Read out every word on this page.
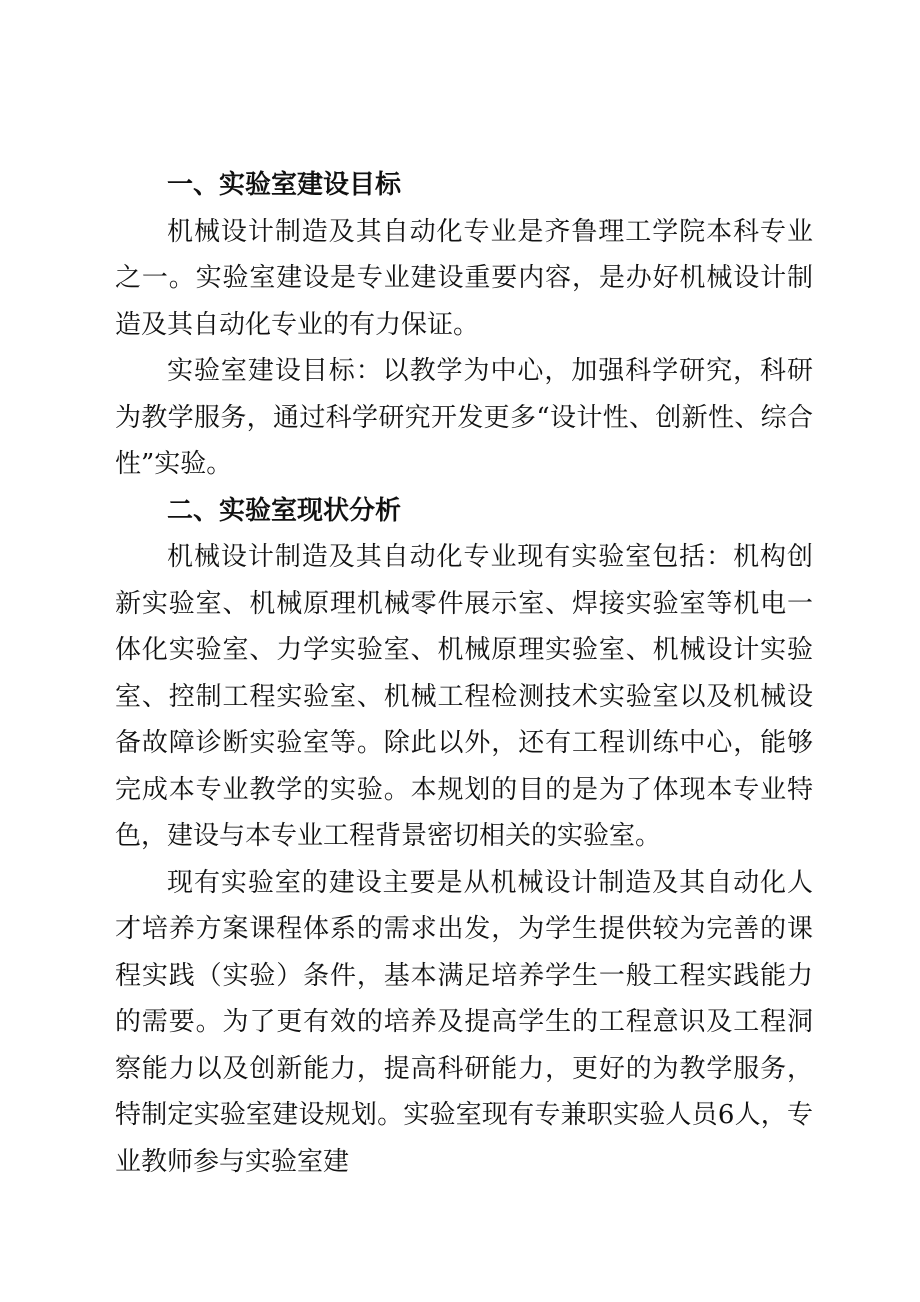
一、实验室建设目标

机械设计制造及其自动化专业是齐鲁理工学院本科专业之一。实验室建设是专业建设重要内容，是办好机械设计制造及其自动化专业的有力保证。

实验室建设目标：以教学为中心，加强科学研究，科研为教学服务，通过科学研究开发更多“设计性、创新性、综合性”实验。

二、实验室现状分析

机械设计制造及其自动化专业现有实验室包括：机构创新实验室、机械原理机械零件展示室、焊接实验室等机电一体化实验室、力学实验室、机械原理实验室、机械设计实验室、控制工程实验室、机械工程检测技术实验室以及机械设备故障诊断实验室等。除此以外，还有工程训练中心，能够完成本专业教学的实验。本规划的目的是为了体现本专业特色，建设与本专业工程背景密切相关的实验室。

现有实验室的建设主要是从机械设计制造及其自动化人才培养方案课程体系的需求出发，为学生提供较为完善的课程实践（实验）条件，基本满足培养学生一般工程实践能力的需要。为了更有效的培养及提高学生的工程意识及工程洞察能力以及创新能力，提高科研能力，更好的为教学服务，特制定实验室建设规划。实验室现有专兼职实验人员6人，专业教师参与实验室建
